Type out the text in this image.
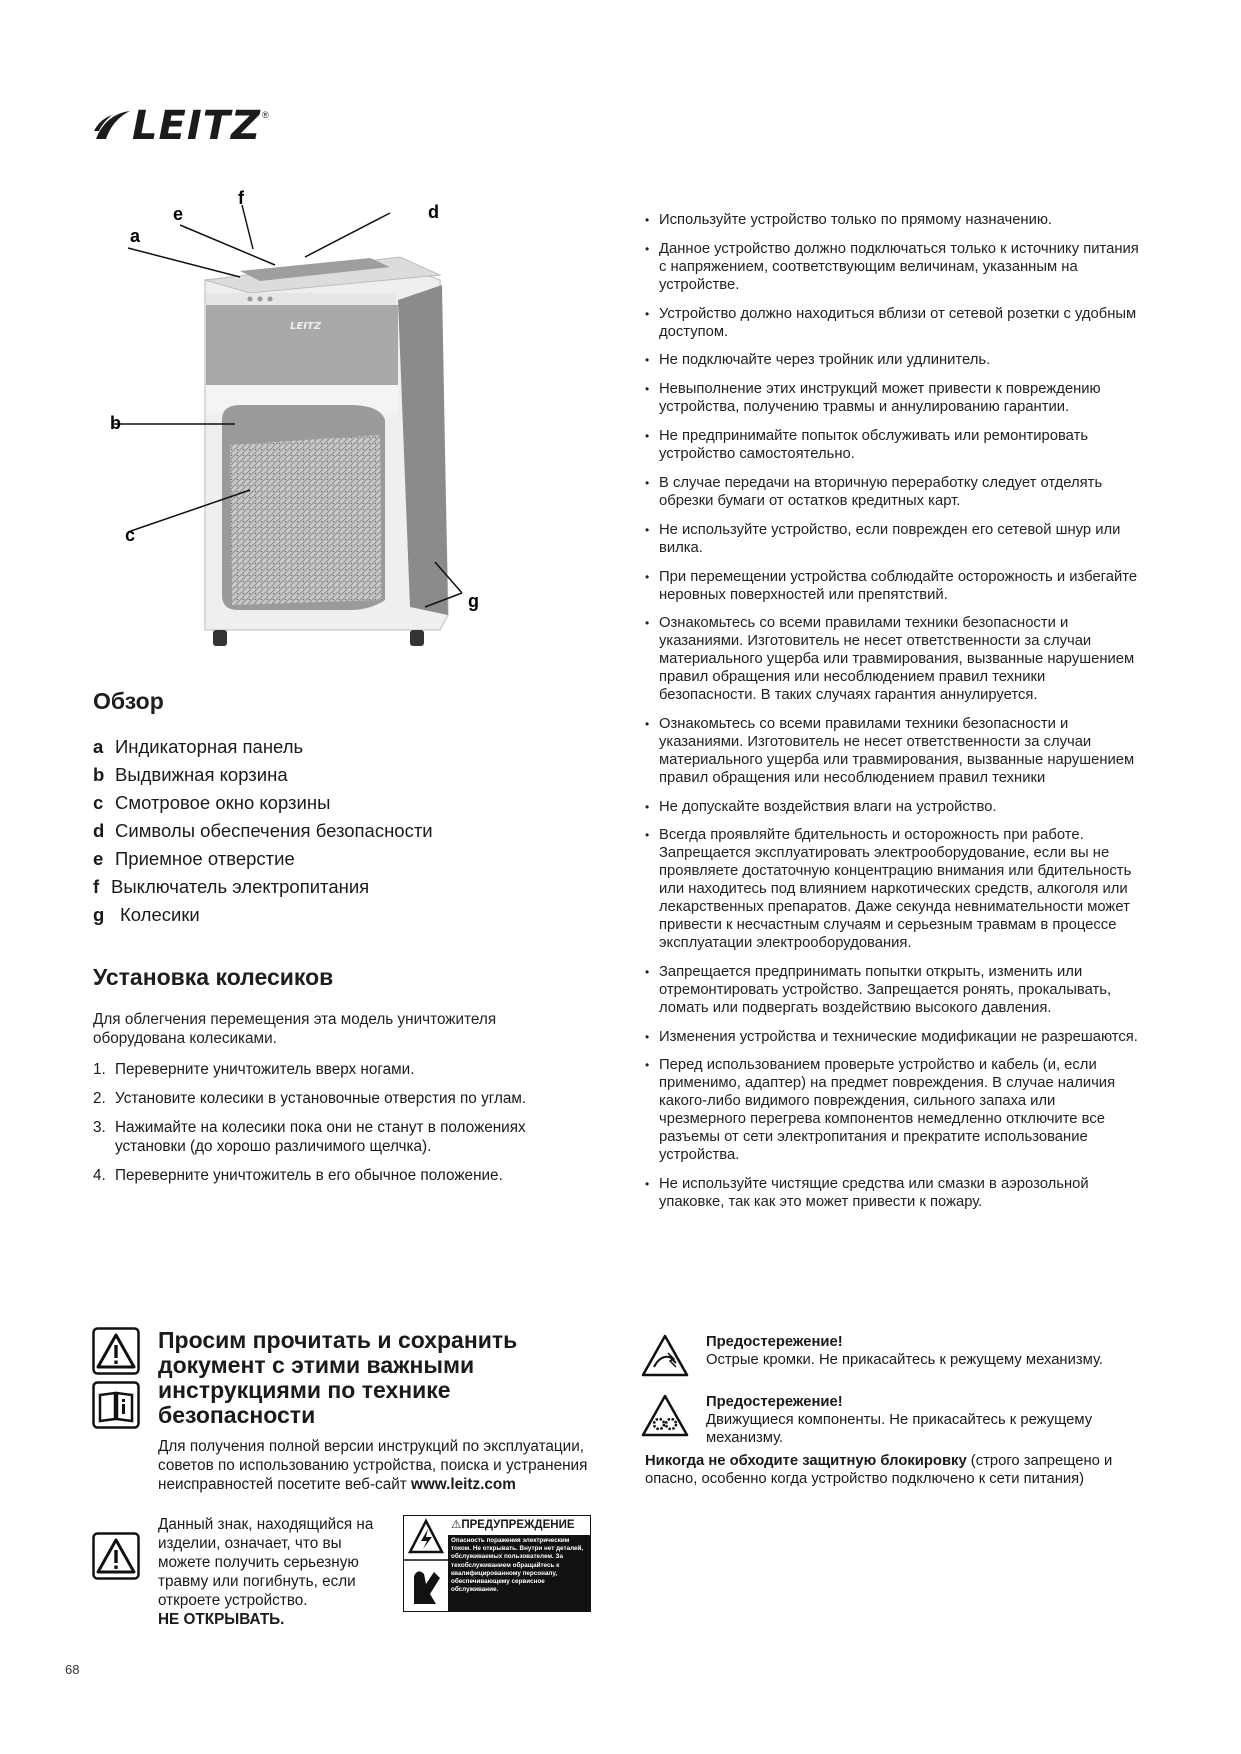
LEITZ ®
LEITZ
a
e
f
d
b
c
g
Обзор
a Индикаторная панель
b Выдвижная корзина
c Смотровое окно корзины
d Символы обеспечения безопасности
e Приемное отверстие
f Выключатель электропитания
g Колесики
Установка колесиков
Для облегчения перемещения эта модель уничтожителя оборудована колесиками.
1. Переверните уничтожитель вверх ногами.
2. Установите колесики в установочные отверстия по углам.
3. Нажимайте на колесики пока они не станут в положениях установки (до хорошо различимого щелчка).
4. Переверните уничтожитель в его обычное положение.
Просим прочитать и сохранить документ с этими важными инструкциями по технике безопасности
Для получения полной версии инструкций по эксплуатации, советов по использованию устройства, поиска и устранения неисправностей посетите веб-сайт www.leitz.com
Данный знак, находящийся на изделии, означает, что вы можете получить серьезную травму или погибнуть, если откроете устройство.
НЕ ОТКРЫВАТЬ.
⚠ПРЕДУПРЕЖДЕНИЕ
Опасность поражения электрическим током. Не открывать. Внутри нет деталей, обслуживаемых пользователем. За техобслуживанием обращайтесь к квалифицированному персоналу, обеспечивающему сервисное обслуживание.
• Используйте устройство только по прямому назначению.
• Данное устройство должно подключаться только к источнику питания с напряжением, соответствующим величинам, указанным на устройстве.
• Устройство должно находиться вблизи от сетевой розетки с удобным доступом.
• Не подключайте через тройник или удлинитель.
• Невыполнение этих инструкций может привести к повреждению устройства, получению травмы и аннулированию гарантии.
• Не предпринимайте попыток обслуживать или ремонтировать устройство самостоятельно.
• В случае передачи на вторичную переработку следует отделять обрезки бумаги от остатков кредитных карт.
• Не используйте устройство, если поврежден его сетевой шнур или вилка.
• При перемещении устройства соблюдайте осторожность и избегайте неровных поверхностей или препятствий.
• Ознакомьтесь со всеми правилами техники безопасности и указаниями. Изготовитель не несет ответственности за случаи материального ущерба или травмирования, вызванные нарушением правил обращения или несоблюдением правил техники безопасности. В таких случаях гарантия аннулируется.
• Ознакомьтесь со всеми правилами техники безопасности и указаниями. Изготовитель не несет ответственности за случаи материального ущерба или травмирования, вызванные нарушением правил обращения или несоблюдением правил техники
• Не допускайте воздействия влаги на устройство.
• Всегда проявляйте бдительность и осторожность при работе. Запрещается эксплуатировать электрооборудование, если вы не проявляете достаточную концентрацию внимания или бдительность или находитесь под влиянием наркотических средств, алкоголя или лекарственных препаратов. Даже секунда невнимательности может привести к несчастным случаям и серьезным травмам в процессе эксплуатации электрооборудования.
• Запрещается предпринимать попытки открыть, изменить или отремонтировать устройство. Запрещается ронять, прокалывать, ломать или подвергать воздействию высокого давления.
• Изменения устройства и технические модификации не разрешаются.
• Перед использованием проверьте устройство и кабель (и, если применимо, адаптер) на предмет повреждения. В случае наличия какого-либо видимого повреждения, сильного запаха или чрезмерного перегрева компонентов немедленно отключите все разъемы от сети электропитания и прекратите использование устройства.
• Не используйте чистящие средства или смазки в аэрозольной упаковке, так как это может привести к пожару.
Предостережение!
Острые кромки. Не прикасайтесь к режущему механизму.
Предостережение!
Движущиеся компоненты. Не прикасайтесь к режущему механизму.
Никогда не обходите защитную блокировку (строго запрещено и опасно, особенно когда устройство подключено к сети питания)
68
